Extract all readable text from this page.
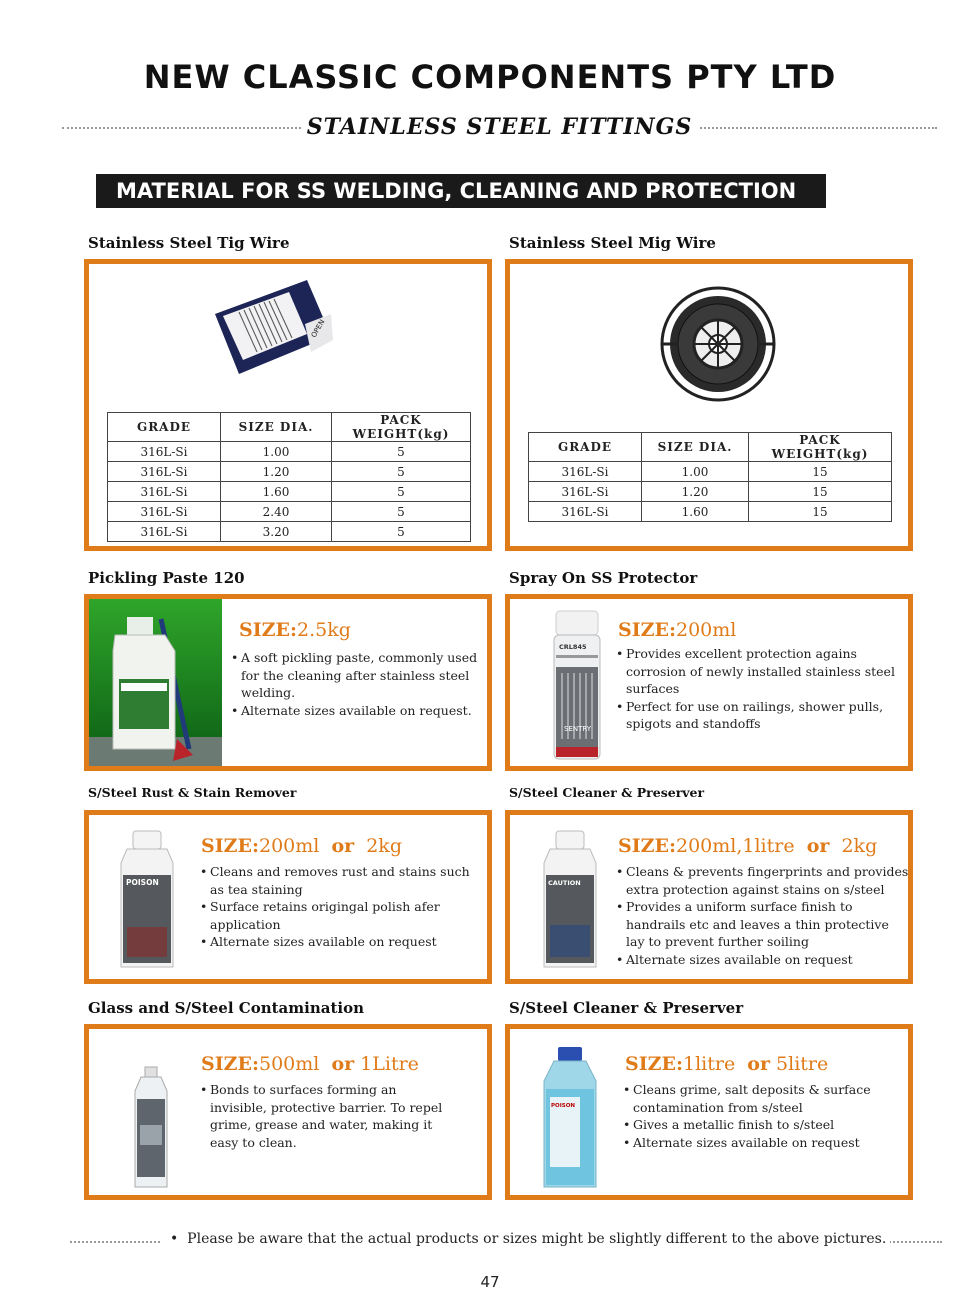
NEW CLASSIC COMPONENTS PTY LTD
STAINLESS STEEL FITTINGS
MATERIAL FOR SS WELDING, CLEANING AND PROTECTION
Stainless Steel Tig Wire
OPEN
GRADE	SIZE DIA.	PACK WEIGHT(kg)
316L-Si	1.00	5
316L-Si	1.20	5
316L-Si	1.60	5
316L-Si	2.40	5
316L-Si	3.20	5
Stainless Steel Mig Wire
GRADE	SIZE DIA.	PACK WEIGHT(kg)
316L-Si	1.00	15
316L-Si	1.20	15
316L-Si	1.60	15
Pickling Paste 120
SIZE:2.5kg
• A soft pickling paste, commonly used for the cleaning after stainless steel welding.
• Alternate sizes available on request.
Spray On SS Protector
CRL845
SENTRY
SIZE:200ml
• Provides excellent protection agains corrosion of newly installed stainless steel surfaces
• Perfect for use on railings, shower pulls, spigots and standoffs
S/Steel Rust & Stain Remover
POISON
SIZE:200ml or 2kg
• Cleans and removes rust and stains such as tea staining
• Surface retains origingal polish afer application
• Alternate sizes available on request
S/Steel Cleaner & Preserver
CAUTION
SIZE:200ml,1litre or 2kg
• Cleans & prevents fingerprints and provides extra protection against stains on s/steel
• Provides a uniform surface finish to handrails etc and leaves a thin protective lay to prevent further soiling
• Alternate sizes available on request
Glass and S/Steel Contamination
SIZE:500ml or 1Litre
• Bonds to surfaces forming an invisible, protective barrier. To repel grime, grease and water, making it easy to clean.
S/Steel Cleaner & Preserver
POISON
SIZE:1litre or 5litre
• Cleans grime, salt deposits & surface contamination from s/steel
• Gives a metallic finish to s/steel
• Alternate sizes available on request
•  Please be aware that the actual products or sizes might be slightly different to the above pictures.
47
